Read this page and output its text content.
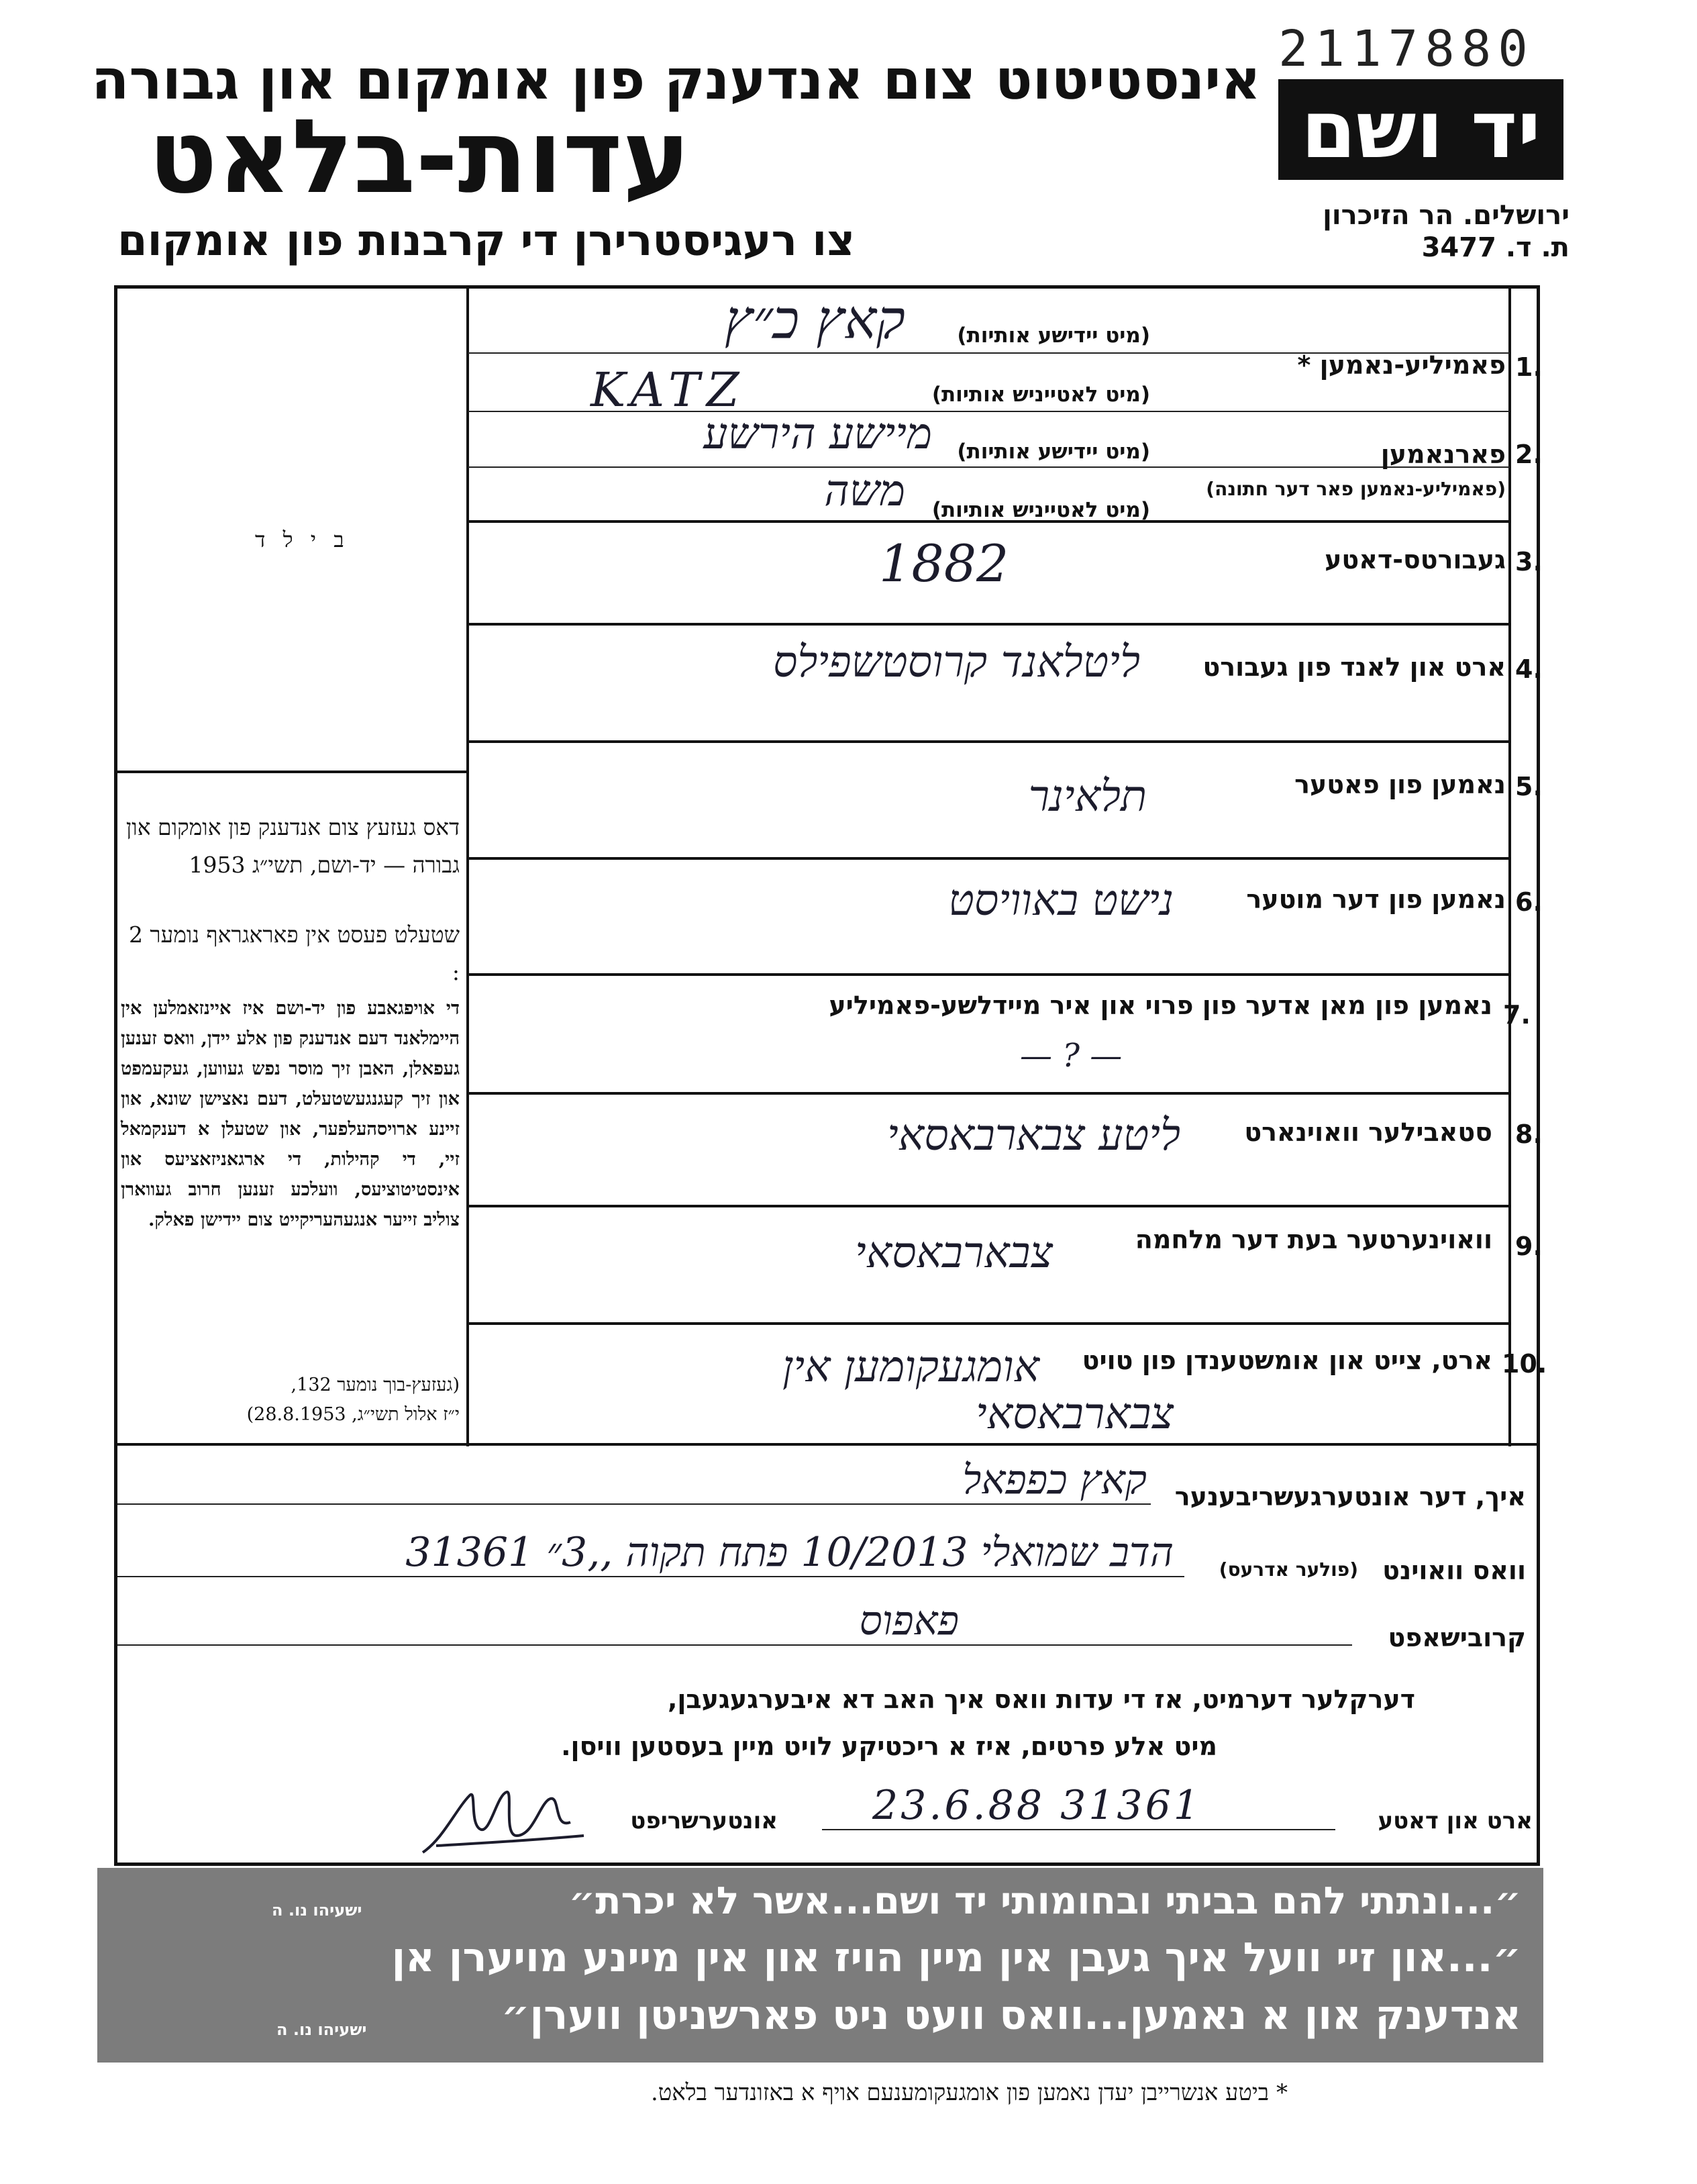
2117880
יד ושם
ירושלים. הר הזיכרון
ת. ד. 3477
אינסטיטוט צום אנדענק פון אומקום און גבורה
עדות-בלאט
צו רעגיסטרירן די קרבנות פון אומקום
ב י ל ד
דאס געזעץ צום אנדענק פון אומקום און גבורה — יד-ושם, תשי״ג 1953
שטעלט פעסט אין פאראגראף נומער 2 :
די אויפגאבע פון יד-ושם איז איינזאמלען אין היימלאנד דעם אנדענק פון אלע יידן, וואס זענען געפאלן, האבן זיך מוסר נפש געווען, געקעמפט און זיך קעגנגעשטעלט, דעם נאצישן שונא, און זיינע ארויסהעלפער, און שטעלן א דענקמאל זיי, די קהילות, די ארגאניזאציעס און אינסטיטוציעס, וועלכע זענען חרוב געווארן צוליב זייער אנגעהעריקייט צום יידישן פאלק.
(געזעץ-בוך נומער 132,
י״ז אלול תשי״ג, 28.8.1953)
1.
פאמיליע-נאמען *
(מיט יידישע אותיות)
קאץ כ״ץ
(מיט לאטייניש אותיות)
KATZ
2.
פארנאמען
(פאמיליע-נאמען פאר דער חתונה)
(מיט יידישע אותיות)
מיישע הירשע
(מיט לאטייניש אותיות)
משה
3.
געבורטס-דאטע
1882
4.
ארט און לאנד פון געבורט
ליטלאנד קרוסטשפילס
5.
נאמען פון פאטער
תלאינר
6.
נאמען פון דער מוטער
נישט באוויסט
7.
נאמען פון מאן אדער פון פרוי און איר מיידלשע-פאמיליע
— ? —
8.
סטאבילער וואוינארט
ליטע צבארבאסאי
9.
וואוינערטער בעת דער מלחמה
צבארבאסאי
10.
ארט, צייט און אומשטענדן פון טויט
אומגעקומען אין
צבארבאסאי
איך, דער אונטערגעשריבענער
קאץ כפפאל
וואס וואוינט
(פולער אדרעס)
הדב שמואלי 10/2013 פתח תקוה ,,3״ 31361
קרובישאפט
פאפוס
דערקלער דערמיט, אז די עדות וואס איך האב דא איבערגעגעבן,
מיט אלע פרטים, איז א ריכטיקע לויט מיין בעסטען וויסן.
ארט און דאטע
23.6.88 31361
אונטערשריפט
״...ונתתי להם בביתי ובחומותי יד ושם...אשר לא יכרת״
ישעיהו נו. ה
״...און זיי וועל איך געבן אין מיין הויז און אין מיינע מויערן אן
אנדענק און א נאמען...וואס וועט ניט פארשניטן ווערן״
ישעיהו נו. ה
* ביטע אנשרייבן יעדן נאמען פון אומגעקומענעם אויף א באזונדער בלאט.
